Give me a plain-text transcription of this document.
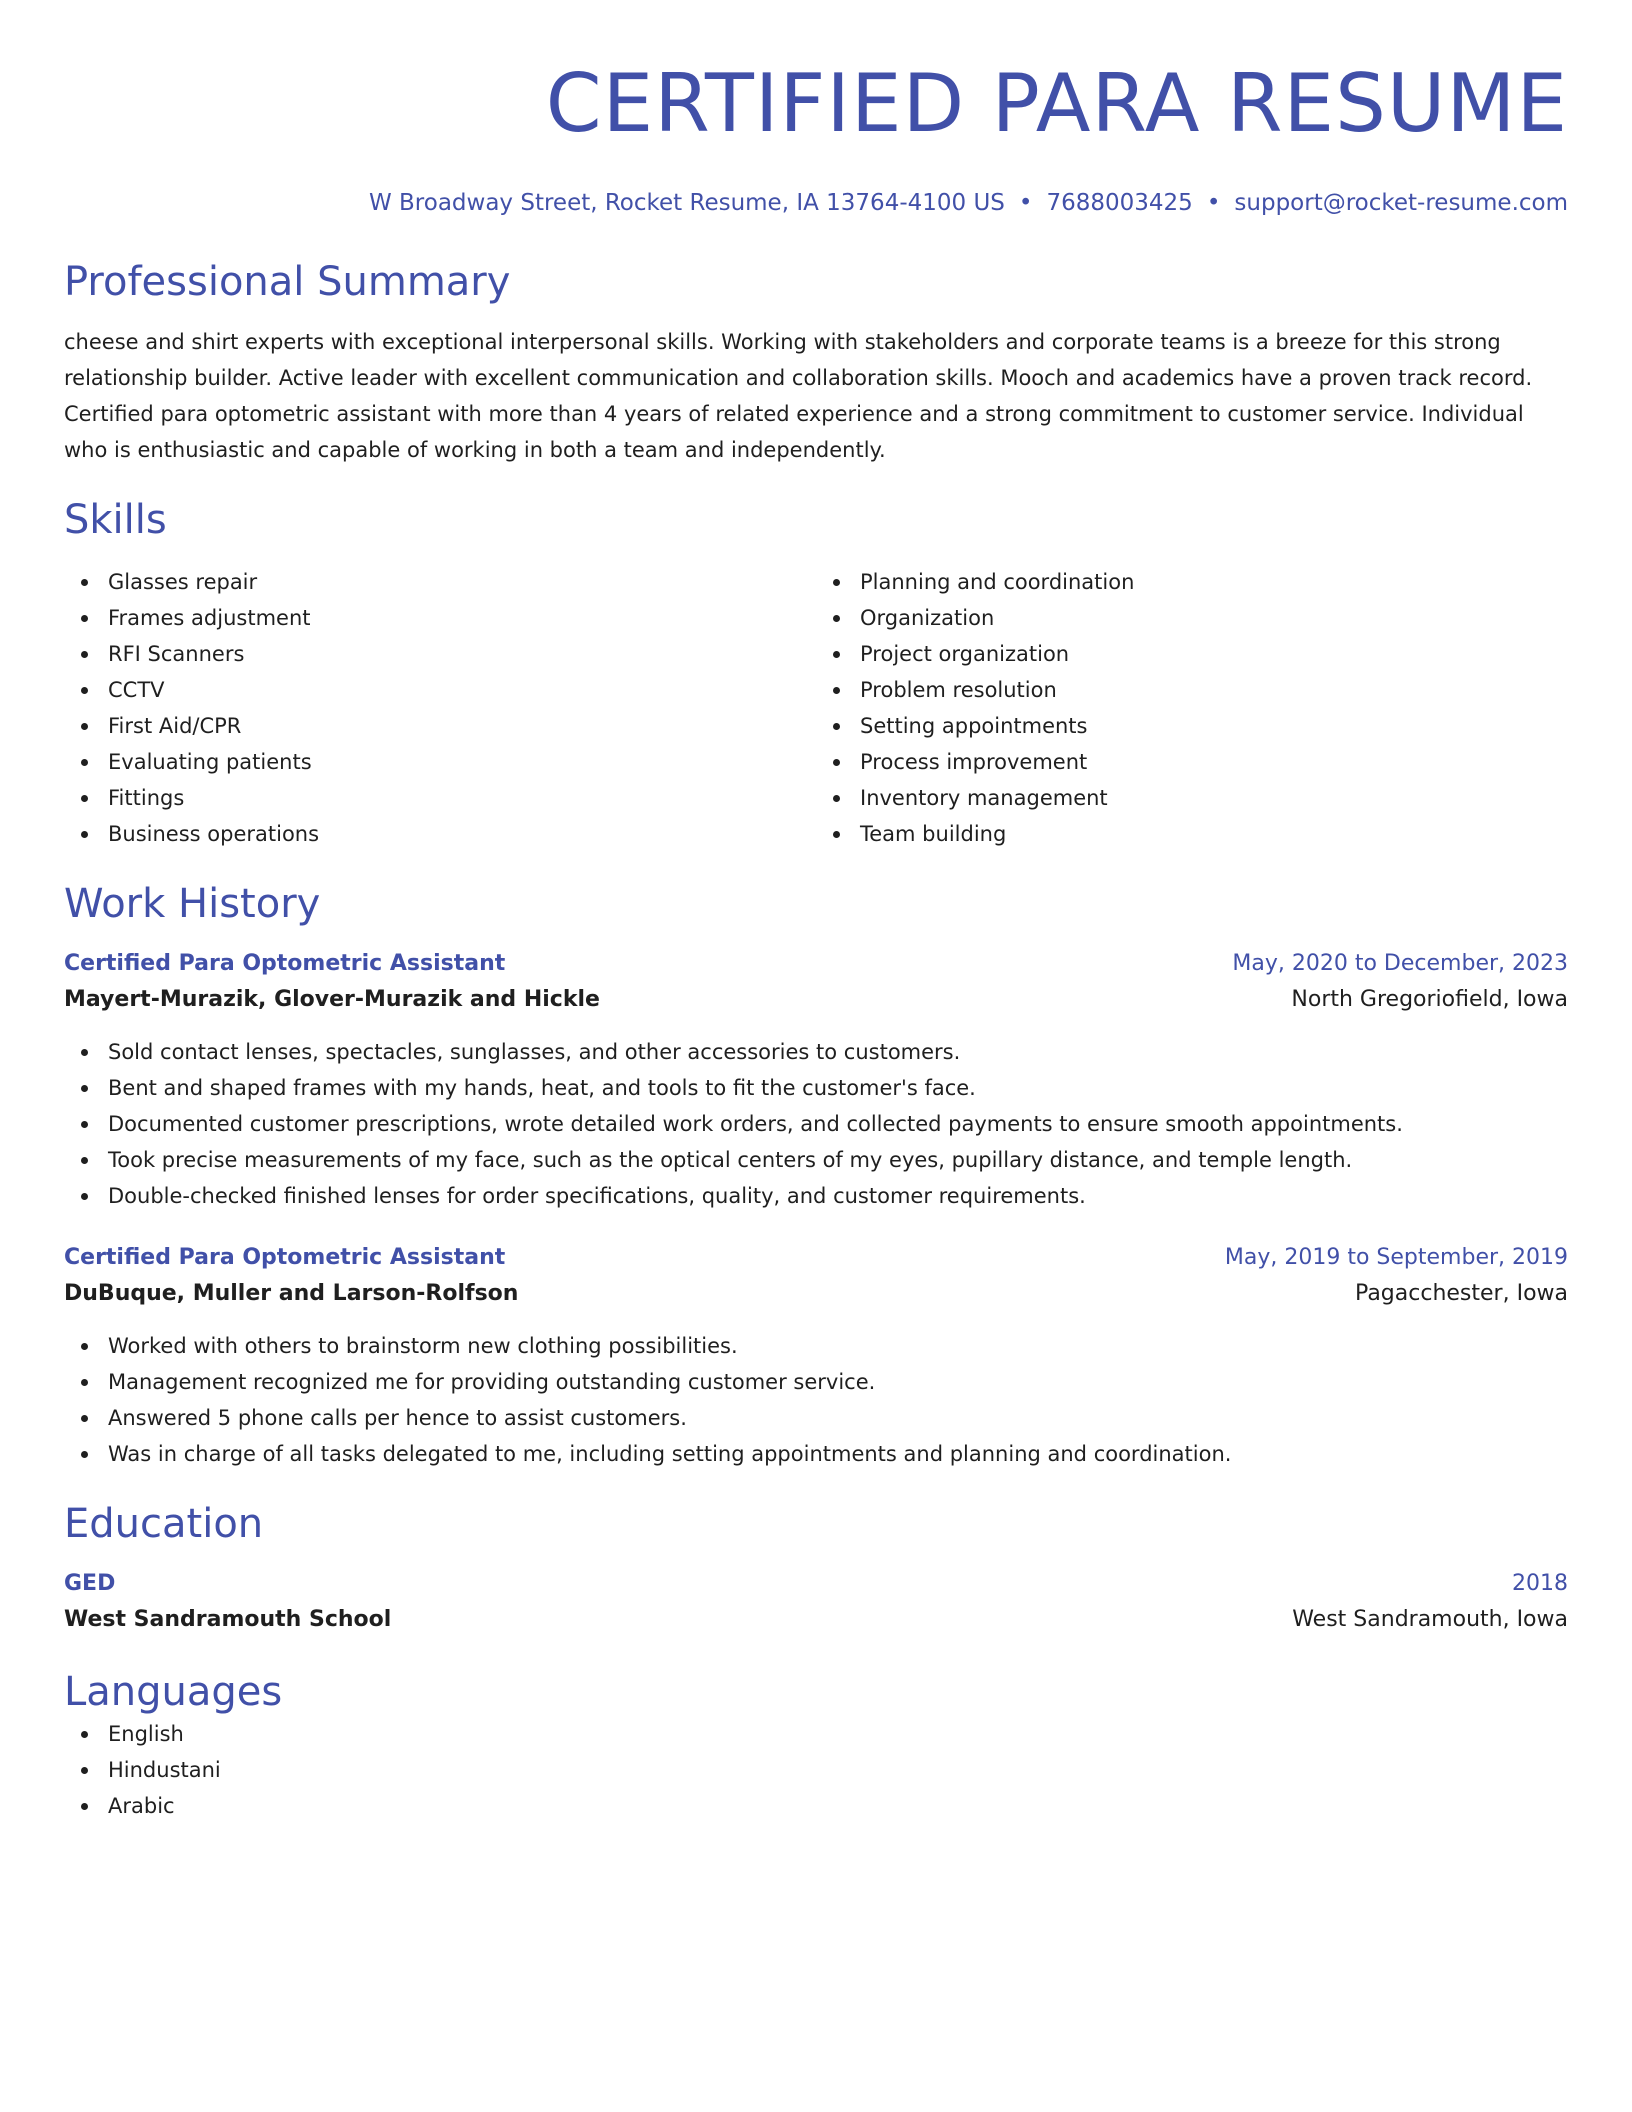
CERTIFIED PARA RESUME
W Broadway Street, Rocket Resume, IA 13764-4100 US • 7688003425 • support@rocket-resume.com
Professional Summary

cheese and shirt experts with exceptional interpersonal skills. Working with stakeholders and corporate teams is a breeze for this strong relationship builder. Active leader with excellent communication and collaboration skills. Mooch and academics have a proven track record. Certified para optometric assistant with more than 4 years of related experience and a strong commitment to customer service. Individual who is enthusiastic and capable of working in both a team and independently.

Skills
Glasses repair
Frames adjustment
RFI Scanners
CCTV
First Aid/CPR
Evaluating patients
Fittings
Business operations
Planning and coordination
Organization
Project organization
Problem resolution
Setting appointments
Process improvement
Inventory management
Team building
Work History
Certified Para Optometric Assistant	May, 2020 to December, 2023
Mayert-Murazik, Glover-Murazik and Hickle	North Gregoriofield, Iowa
Sold contact lenses, spectacles, sunglasses, and other accessories to customers.
Bent and shaped frames with my hands, heat, and tools to fit the customer's face.
Documented customer prescriptions, wrote detailed work orders, and collected payments to ensure smooth appointments.
Took precise measurements of my face, such as the optical centers of my eyes, pupillary distance, and temple length.
Double-checked finished lenses for order specifications, quality, and customer requirements.
Certified Para Optometric Assistant	May, 2019 to September, 2019
DuBuque, Muller and Larson-Rolfson	Pagacchester, Iowa
Worked with others to brainstorm new clothing possibilities.
Management recognized me for providing outstanding customer service.
Answered 5 phone calls per hence to assist customers.
Was in charge of all tasks delegated to me, including setting appointments and planning and coordination.
Education
GED	2018
West Sandramouth School	West Sandramouth, Iowa
Languages
English
Hindustani
Arabic
